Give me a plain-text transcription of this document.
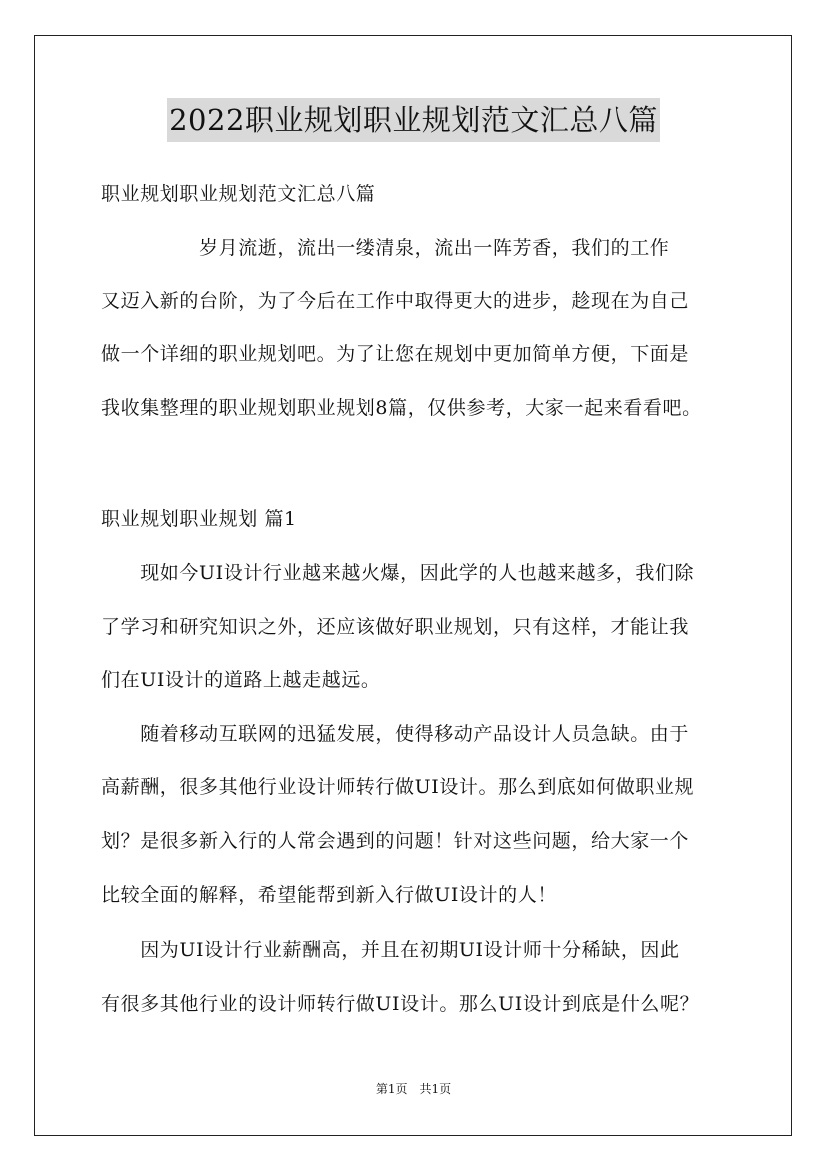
2022职业规划职业规划范文汇总八篇
职业规划职业规划范文汇总八篇
　　　　　岁月流逝，流出一缕清泉，流出一阵芳香，我们的工作
又迈入新的台阶，为了今后在工作中取得更大的进步，趁现在为自己
做一个详细的职业规划吧。为了让您在规划中更加简单方便，下面是
我收集整理的职业规划职业规划8篇，仅供参考，大家一起来看看吧。
职业规划职业规划 篇1
　　现如今UI设计行业越来越火爆，因此学的人也越来越多，我们除
了学习和研究知识之外，还应该做好职业规划，只有这样，才能让我
们在UI设计的道路上越走越远。
　　随着移动互联网的迅猛发展，使得移动产品设计人员急缺。由于
高薪酬，很多其他行业设计师转行做UI设计。那么到底如何做职业规
划？是很多新入行的人常会遇到的问题！针对这些问题，给大家一个
比较全面的解释，希望能帮到新入行做UI设计的人！
　　因为UI设计行业薪酬高，并且在初期UI设计师十分稀缺，因此
有很多其他行业的设计师转行做UI设计。那么UI设计到底是什么呢？
第1页　共1页
